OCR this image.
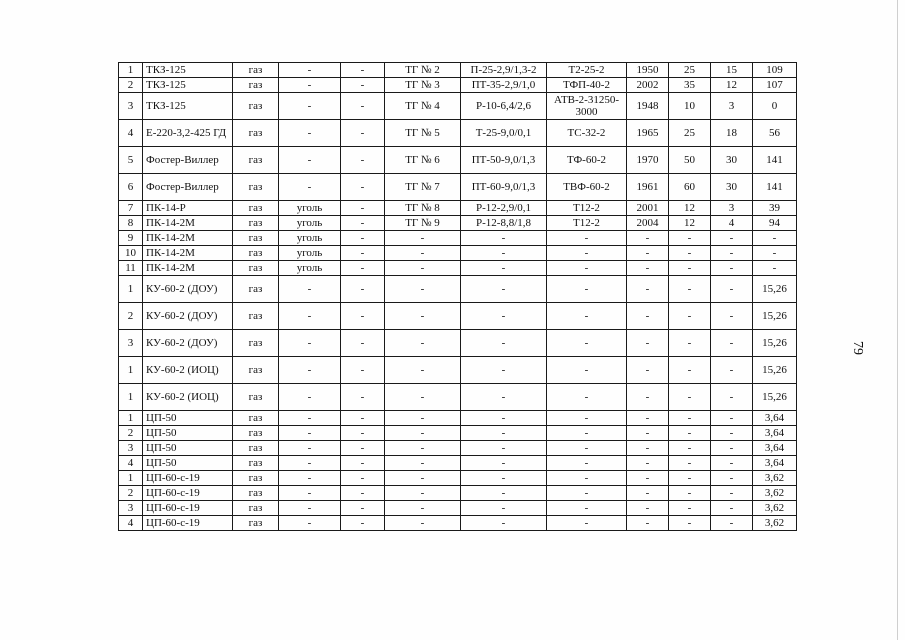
1	ТКЗ-125	газ	-	-	ТГ № 2	П-25-2,9/1,3-2	Т2-25-2	1950	25	15	109
2	ТКЗ-125	газ	-	-	ТГ № 3	ПТ-35-2,9/1,0	ТФП-40-2	2002	35	12	107
3	ТКЗ-125	газ	-	-	ТГ № 4	Р-10-6,4/2,6	АТВ-2-31250-3000	1948	10	3	0
4	Е-220-3,2-425 ГД	газ	-	-	ТГ № 5	Т-25-9,0/0,1	ТС-32-2	1965	25	18	56
5	Фостер-Виллер	газ	-	-	ТГ № 6	ПТ-50-9,0/1,3	ТФ-60-2	1970	50	30	141
6	Фостер-Виллер	газ	-	-	ТГ № 7	ПТ-60-9,0/1,3	ТВФ-60-2	1961	60	30	141
7	ПК-14-Р	газ	уголь	-	ТГ № 8	Р-12-2,9/0,1	Т12-2	2001	12	3	39
8	ПК-14-2М	газ	уголь	-	ТГ № 9	Р-12-8,8/1,8	Т12-2	2004	12	4	94
9	ПК-14-2М	газ	уголь	-	-	-	-	-	-	-	-
10	ПК-14-2М	газ	уголь	-	-	-	-	-	-	-	-
11	ПК-14-2М	газ	уголь	-	-	-	-	-	-	-	-
1	КУ-60-2 (ДОУ)	газ	-	-	-	-	-	-	-	-	15,26
2	КУ-60-2 (ДОУ)	газ	-	-	-	-	-	-	-	-	15,26
3	КУ-60-2 (ДОУ)	газ	-	-	-	-	-	-	-	-	15,26
1	КУ-60-2 (ИОЦ)	газ	-	-	-	-	-	-	-	-	15,26
1	КУ-60-2 (ИОЦ)	газ	-	-	-	-	-	-	-	-	15,26
1	ЦП-50	газ	-	-	-	-	-	-	-	-	3,64
2	ЦП-50	газ	-	-	-	-	-	-	-	-	3,64
3	ЦП-50	газ	-	-	-	-	-	-	-	-	3,64
4	ЦП-50	газ	-	-	-	-	-	-	-	-	3,64
1	ЦП-60-с-19	газ	-	-	-	-	-	-	-	-	3,62
2	ЦП-60-с-19	газ	-	-	-	-	-	-	-	-	3,62
3	ЦП-60-с-19	газ	-	-	-	-	-	-	-	-	3,62
4	ЦП-60-с-19	газ	-	-	-	-	-	-	-	-	3,62
79
